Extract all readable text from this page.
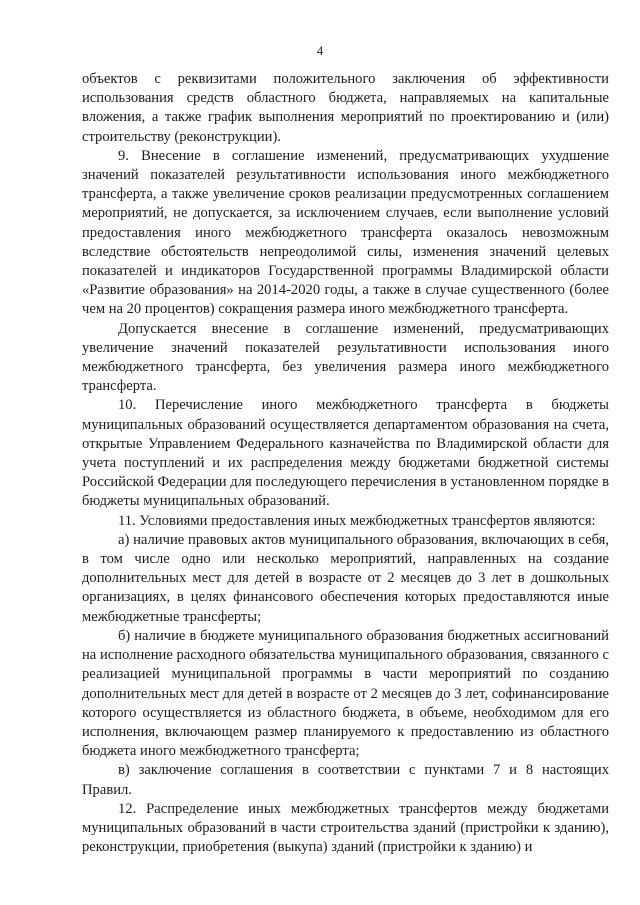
4

объектов с реквизитами положительного заключения об эффективности использования средств областного бюджета, направляемых на капитальные вложения, а также график выполнения мероприятий по проектированию и (или) строительству (реконструкции).

9. Внесение в соглашение изменений, предусматривающих ухудшение значений показателей результативности использования иного межбюджетного трансферта, а также увеличение сроков реализации предусмотренных соглашением мероприятий, не допускается, за исключением случаев, если выполнение условий предоставления иного межбюджетного трансферта оказалось невозможным вследствие обстоятельств непреодолимой силы, изменения значений целевых показателей и индикаторов Государственной программы Владимирской области «Развитие образования» на 2014-2020 годы, а также в случае существенного (более чем на 20 процентов) сокращения размера иного межбюджетного трансферта.

Допускается внесение в соглашение изменений, предусматривающих увеличение значений показателей результативности использования иного межбюджетного трансферта, без увеличения размера иного межбюджетного трансферта.

10. Перечисление иного межбюджетного трансферта в бюджеты муниципальных образований осуществляется департаментом образования на счета, открытые Управлением Федерального казначейства по Владимирской области для учета поступлений и их распределения между бюджетами бюджетной системы Российской Федерации для последующего перечисления в установленном порядке в бюджеты муниципальных образований.

11. Условиями предоставления иных межбюджетных трансфертов являются:

а) наличие правовых актов муниципального образования, включающих в себя, в том числе одно или несколько мероприятий, направленных на создание дополнительных мест для детей в возрасте от 2 месяцев до 3 лет в дошкольных организациях, в целях финансового обеспечения которых предоставляются иные межбюджетные трансферты;

б) наличие в бюджете муниципального образования бюджетных ассигнований на исполнение расходного обязательства муниципального образования, связанного с реализацией муниципальной программы в части мероприятий по созданию дополнительных мест для детей в возрасте от 2 месяцев до 3 лет, софинансирование которого осуществляется из областного бюджета, в объеме, необходимом для его исполнения, включающем размер планируемого к предоставлению из областного бюджета иного межбюджетного трансферта;

в) заключение соглашения в соответствии с пунктами 7 и 8 настоящих Правил.

12. Распределение иных межбюджетных трансфертов между бюджетами муниципальных образований в части строительства зданий (пристройки к зданию), реконструкции, приобретения (выкупа) зданий (пристройки к зданию) и
